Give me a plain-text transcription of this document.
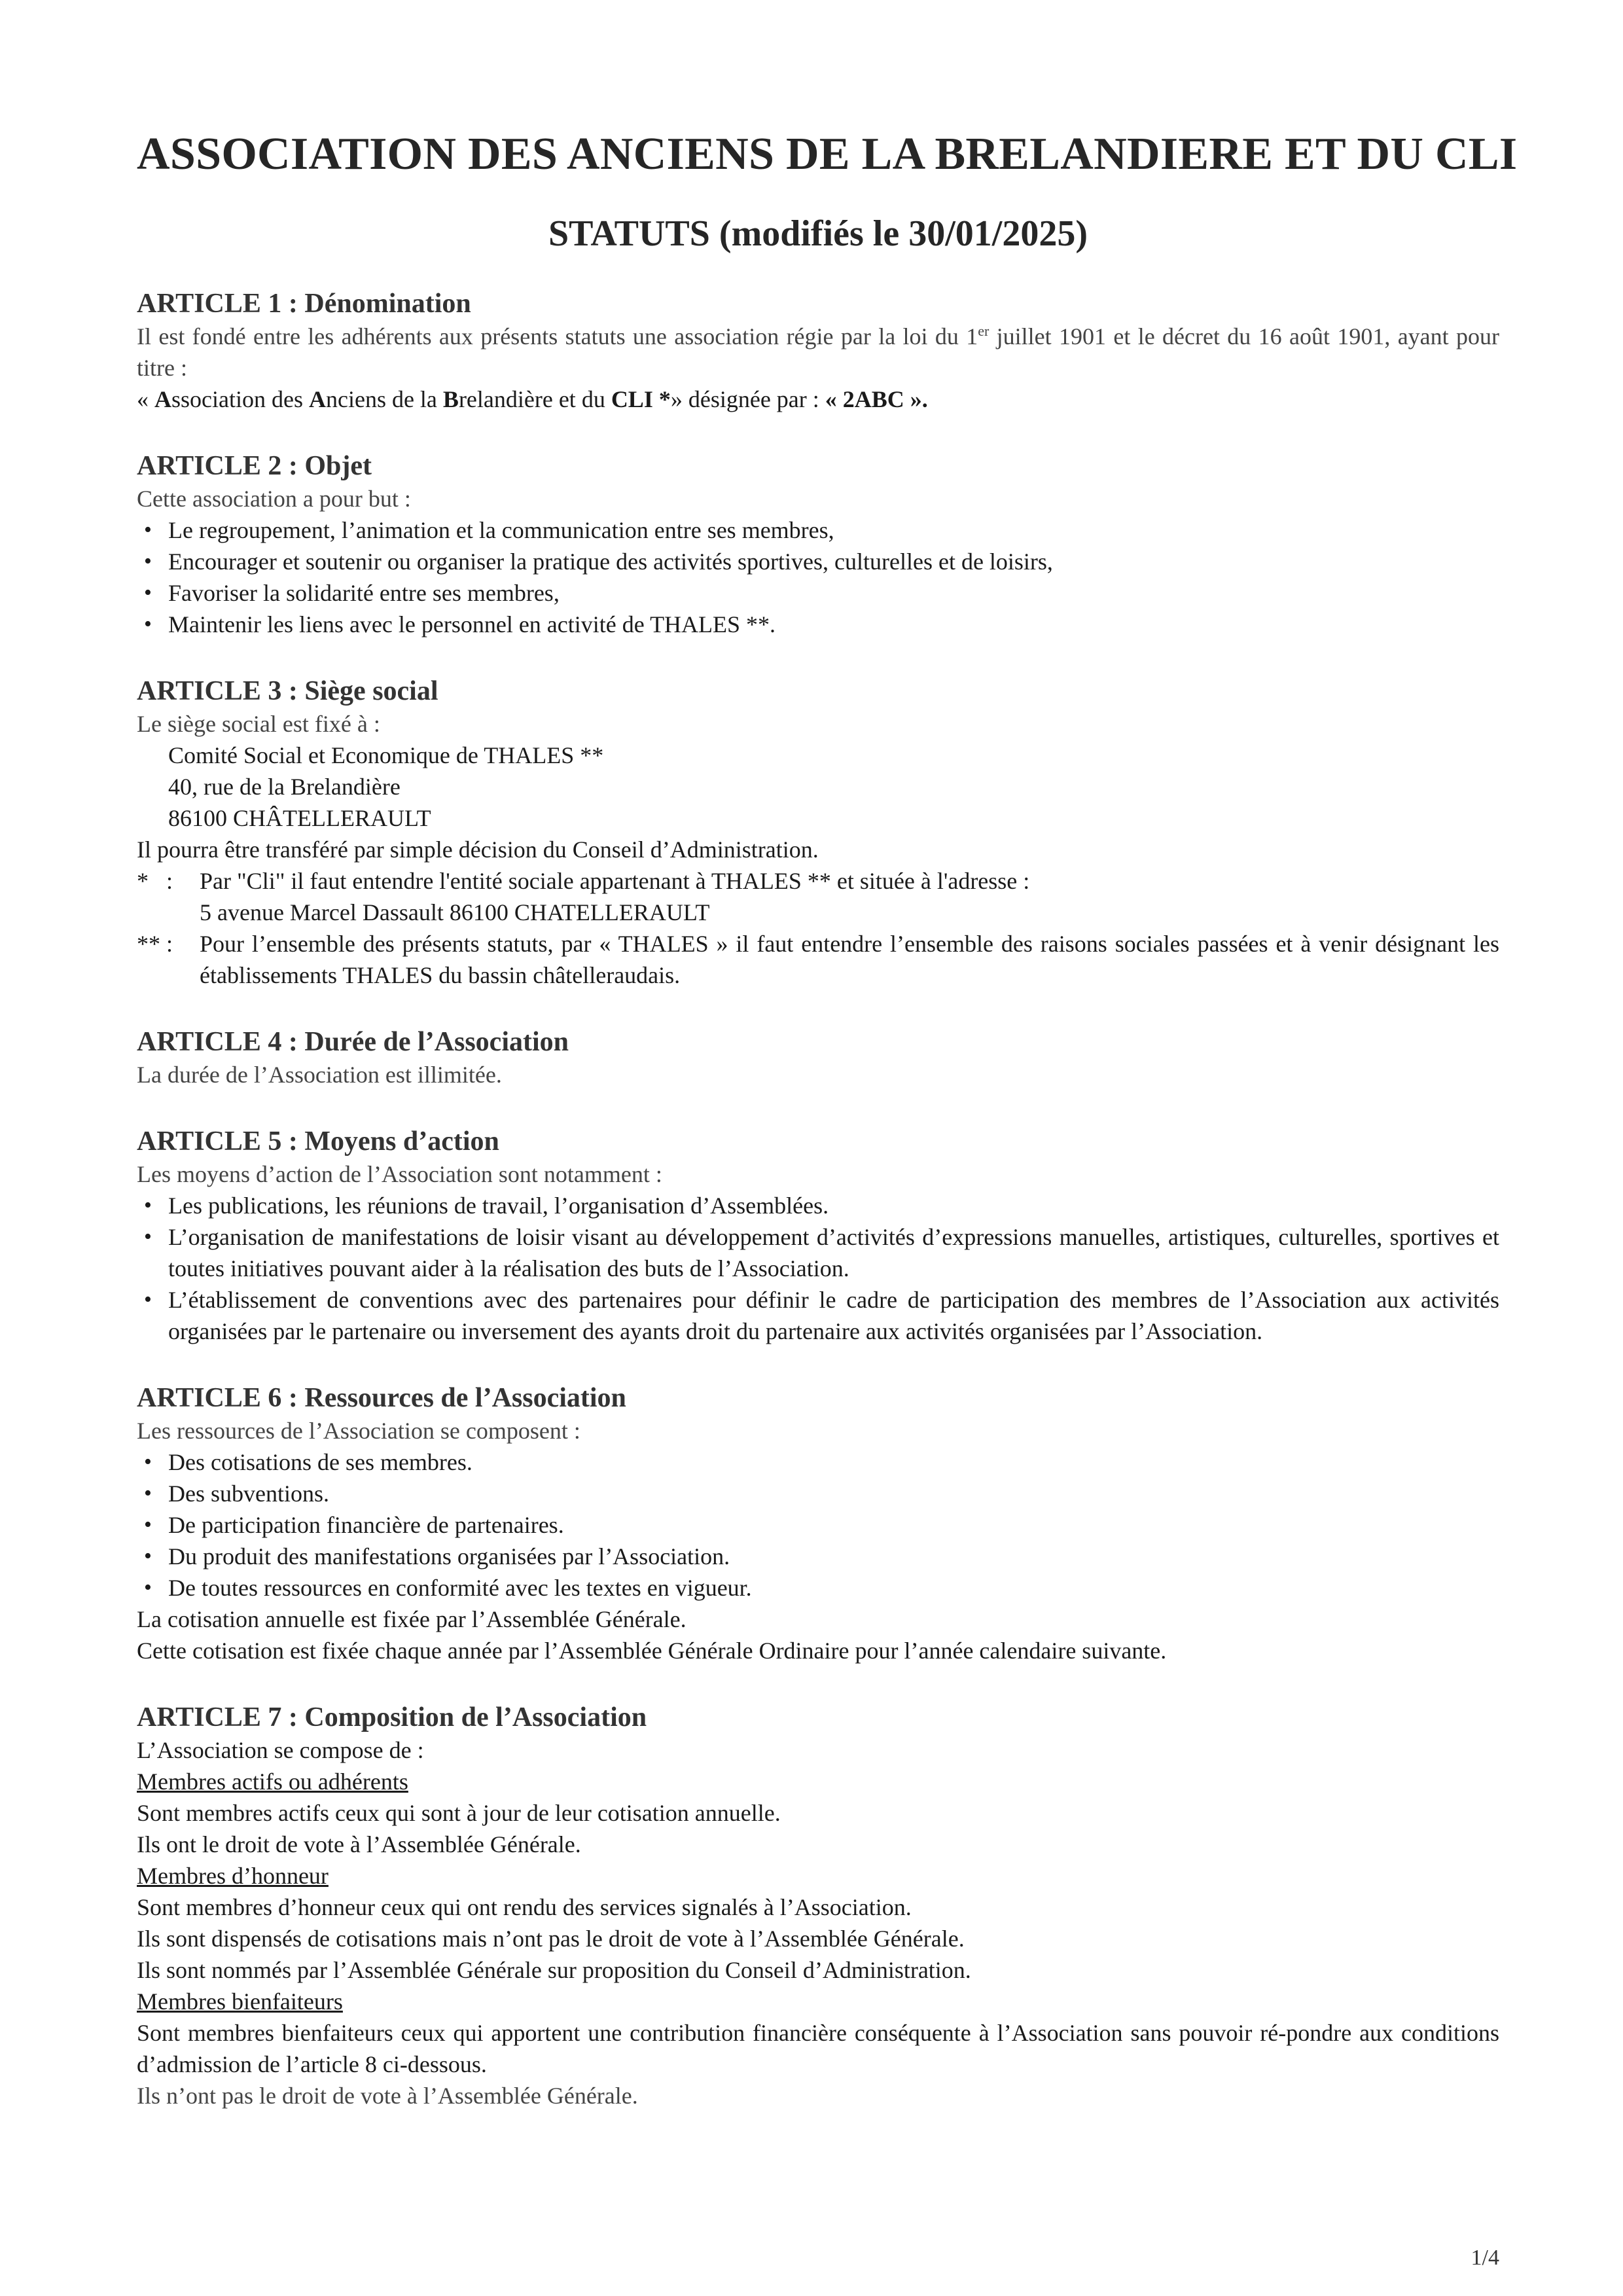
ASSOCIATION DES ANCIENS DE LA BRELANDIERE ET DU CLI
STATUTS (modifiés le 30/01/2025)
ARTICLE 1 : Dénomination

Il est fondé entre les adhérents aux présents statuts une association régie par la loi du 1er juillet 1901 et le décret du 16 août 1901, ayant pour titre :

« Association des Anciens de la Brelandière et du CLI *» désignée par : « 2ABC ».

ARTICLE 2 : Objet

Cette association a pour but :

• Le regroupement, l’animation et la communication entre ses membres,
• Encourager et soutenir ou organiser la pratique des activités sportives, culturelles et de loisirs,
• Favoriser la solidarité entre ses membres,
• Maintenir les liens avec le personnel en activité de THALES **.
ARTICLE 3 : Siège social

Le siège social est fixé à :

Comité Social et Economique de THALES **

40, rue de la Brelandière

86100 CHÂTELLERAULT

Il pourra être transféré par simple décision du Conseil d’Administration.

*   :	Par "Cli" il faut entendre l'entité sociale appartenant à THALES ** et située à l'adresse :
5 avenue Marcel Dassault 86100 CHATELLERAULT
** :	Pour l’ensemble des présents statuts, par « THALES » il faut entendre l’ensemble des raisons sociales passées et à venir désignant les établissements THALES du bassin châtelleraudais.
ARTICLE 4 : Durée de l’Association

La durée de l’Association est illimitée.

ARTICLE 5 : Moyens d’action

Les moyens d’action de l’Association sont notamment :

• Les publications, les réunions de travail, l’organisation d’Assemblées.
• L’organisation de manifestations de loisir visant au développement d’activités d’expressions manuelles, artistiques, culturelles, sportives et toutes initiatives pouvant aider à la réalisation des buts de l’Association.
• L’établissement de conventions avec des partenaires pour définir le cadre de participation des membres de l’Association aux activités organisées par le partenaire ou inversement des ayants droit du partenaire aux activités organisées par l’Association.
ARTICLE 6 : Ressources de l’Association

Les ressources de l’Association se composent :

• Des cotisations de ses membres.
• Des subventions.
• De participation financière de partenaires.
• Du produit des manifestations organisées par l’Association.
• De toutes ressources en conformité avec les textes en vigueur.

La cotisation annuelle est fixée par l’Assemblée Générale.

Cette cotisation est fixée chaque année par l’Assemblée Générale Ordinaire pour l’année calendaire suivante.

ARTICLE 7 : Composition de l’Association

L’Association se compose de :

Membres actifs ou adhérents

Sont membres actifs ceux qui sont à jour de leur cotisation annuelle.

Ils ont le droit de vote à l’Assemblée Générale.

Membres d’honneur

Sont membres d’honneur ceux qui ont rendu des services signalés à l’Association.

Ils sont dispensés de cotisations mais n’ont pas le droit de vote à l’Assemblée Générale.

Ils sont nommés par l’Assemblée Générale sur proposition du Conseil d’Administration.

Membres bienfaiteurs

Sont membres bienfaiteurs ceux qui apportent une contribution financière conséquente à l’Association sans pouvoir ré-pondre aux conditions d’admission de l’article 8 ci-dessous.

Ils n’ont pas le droit de vote à l’Assemblée Générale.

1/4
